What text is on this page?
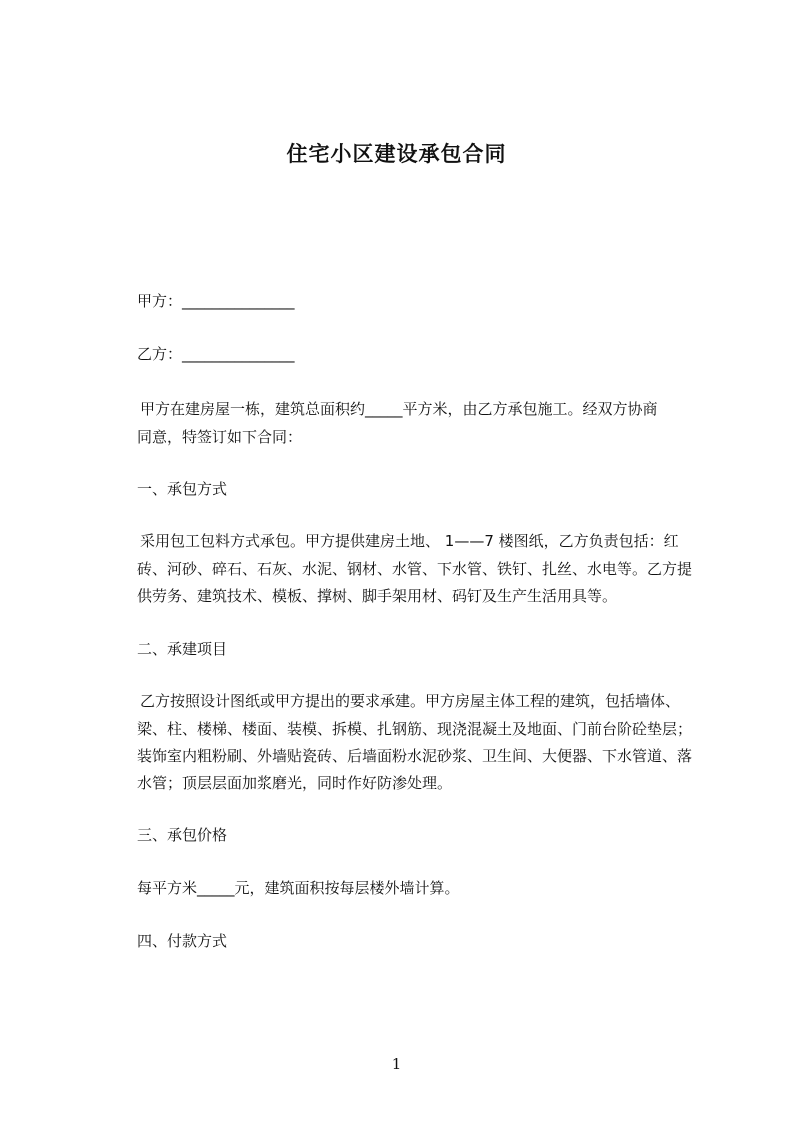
住宅小区建设承包合同
甲方：_______________
乙方：_______________
甲方在建房屋一栋，建筑总面积约_____平方米，由乙方承包施工。经双方协商
同意，特签订如下合同：
一、承包方式
采用包工包料方式承包。甲方提供建房土地、 1——7 楼图纸，乙方负责包括：红
砖、河砂、碎石、石灰、水泥、钢材、水管、下水管、铁钉、扎丝、水电等。乙方提
供劳务、建筑技术、模板、撑树、脚手架用材、码钉及生产生活用具等。
二、承建项目
乙方按照设计图纸或甲方提出的要求承建。甲方房屋主体工程的建筑，包括墙体、
梁、柱、楼梯、楼面、装模、拆模、扎钢筋、现浇混凝土及地面、门前台阶砼垫层；
装饰室内粗粉刷、外墙贴瓷砖、后墙面粉水泥砂浆、卫生间、大便器、下水管道、落
水管；顶层层面加浆磨光，同时作好防渗处理。
三、承包价格
每平方米_____元，建筑面积按每层楼外墙计算。
四、付款方式
1
